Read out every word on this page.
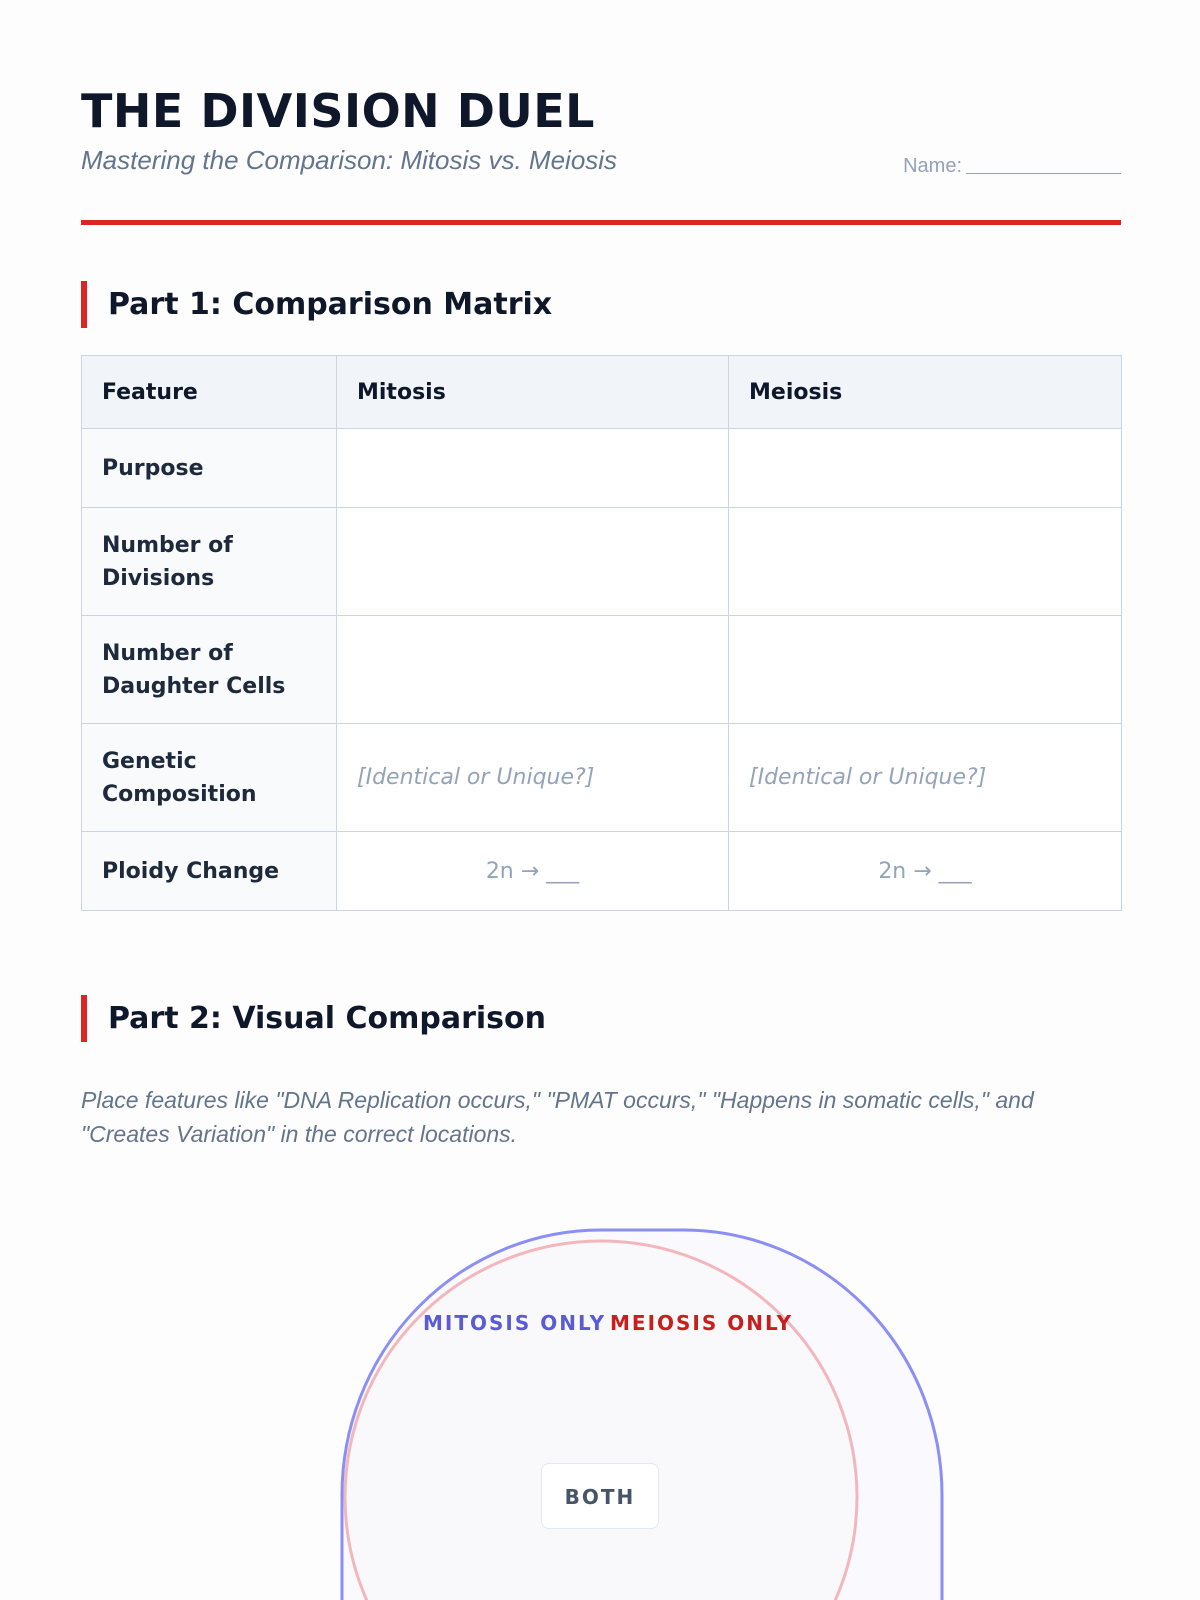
THE DIVISION DUEL
Mastering the Comparison: Mitosis vs. Meiosis	Name:
Part 1: Comparison Matrix
Feature	Mitosis	Meiosis
Purpose		
Number of Divisions		
Number of Daughter Cells		
Genetic Composition	[Identical or Unique?]	[Identical or Unique?]
Ploidy Change	2n → ___	2n → ___
Part 2: Visual Comparison
Place features like "DNA Replication occurs," "PMAT occurs," "Happens in somatic cells," and "Creates Variation" in the correct locations.
MITOSIS ONLY MEIOSIS ONLY
BOTH
